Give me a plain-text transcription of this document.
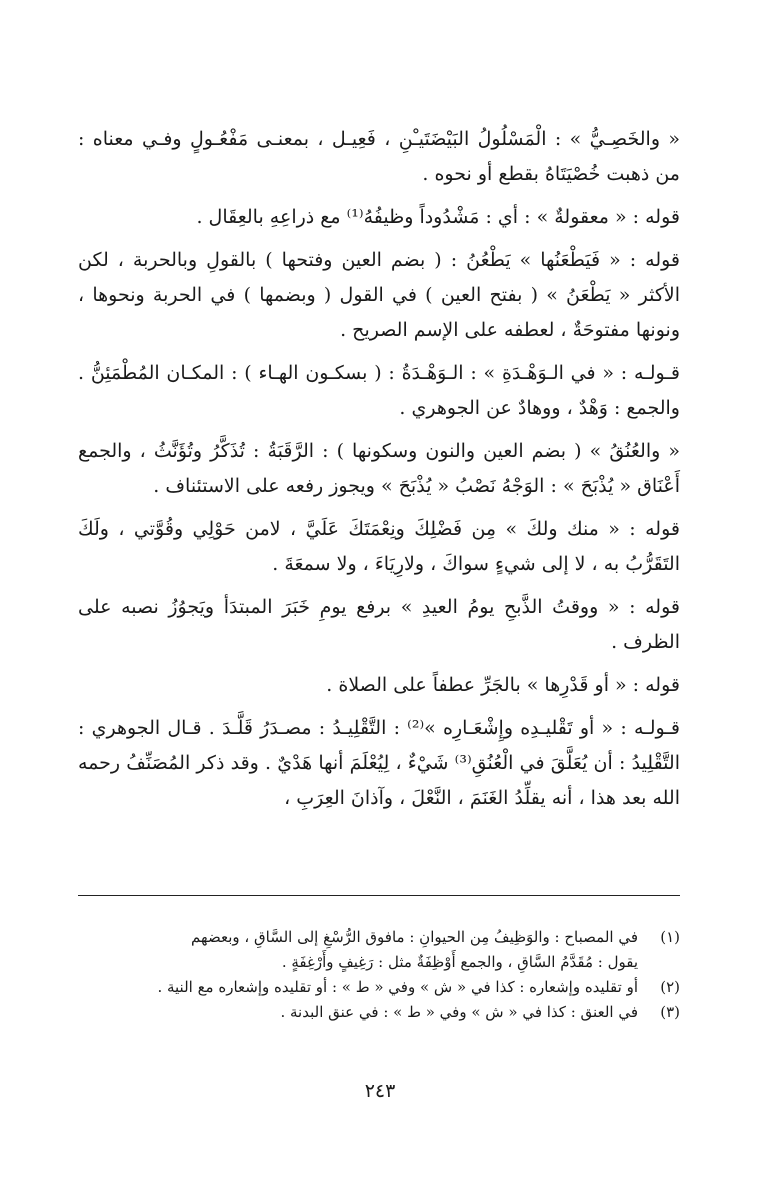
« والخَصِـيُّ » : الْمَسْلُولُ البَيْضَتَيـْنِ ، فَعِيـل ، بمعنـى مَفْعُـولٍ وفـي معناه : من ذهبت خُصْيَتَاهُ بقطع أو نحوه .

قوله : « معقولةٌ » : أي : مَشْدُوداً وظيفُهُ⁽¹⁾ مع ذراعِهِ بالعِقَال .

قوله : « فَيَطْعَنُها » يَطْعُنُ : ( بضم العين وفتحها ) بالقولِ وبالحربة ، لكن الأكثر « يَطْعَنُ » ( بفتح العين ) في القول ( وبضمها ) في الحربة ونحوها ، ونونها مفتوحَةٌ ، لعطفه على الإسم الصريح .

قـولـه : « في الـوَهْـدَةِ » : الـوَهْـدَةُ : ( بسكـون الهـاء ) : المكـان المُطْمَئِنُّ . والجمع : وَهْدٌ ، ووهادٌ عن الجوهري .

« والعُنُقُ » ( بضم العين والنون وسكونها ) : الرَّقَبَةُ : تُذَكَّرُ وتُؤَنَّثُ ، والجمع أَعْنَاق « يُذْبَحَ » : الوَجْهُ نَصْبُ « يُذْبَحَ » ويجوز رفعه على الاستئناف .

قوله : « منك ولكَ » مِن فَضْلِكَ ونِعْمَتَكَ عَلَيَّ ، لامن حَوْلِي وقُوَّتي ، ولَكَ التَقَرُّبُ به ، لا إلى شيءٍ سواكَ ، ولارِيَاءَ ، ولا سمعَةَ .

قوله : « ووقتُ الذَّبحِ يومُ العيدِ » برفع يومِ خَبَرَ المبتدَأ ويَجوُزُ نصبه على الظرف .

قوله : « أو قَدْرِها » بالجَرِّ عطفاً على الصلاة .

قـولـه : « أو تَقْليـدِه وإِشْعَـارِه »⁽²⁾ : التَّقْلِيـدُ : مصـدَرُ قَلَّـدَ . قـال الجوهري : التَّقْلِيدُ : أن يُعَلَّقَ في الْعُنُقِ⁽³⁾ شَيْءٌ ، لِيُعْلَمَ أنها هَدْيٌ . وقد ذكر المُصَنِّفُ رحمه الله بعد هذا ، أنه يقلِّدُ الغَنَمَ ، النَّعْلَ ، وآذانَ العِرَبِ ،

(١)
في المصباح : والوَظِيفُ مِن الحيوانِ : مافوق الرُّسْغِ إلى السَّاقِ ، وبعضهم
يقول : مُقَدَّمُ السَّاقِ ، والجمع أَوْظِفَةٌ مثل : رَغِيفٍ وأَرْغِفَةٍ .
(٢)
أو تقليده وإشعاره : كذا في « ش » وفي « ط » : أو تقليده وإشعاره مع النية .
(٣)
في العنق : كذا في « ش » وفي « ط » : في عنق البدنة .
٢٤٣
